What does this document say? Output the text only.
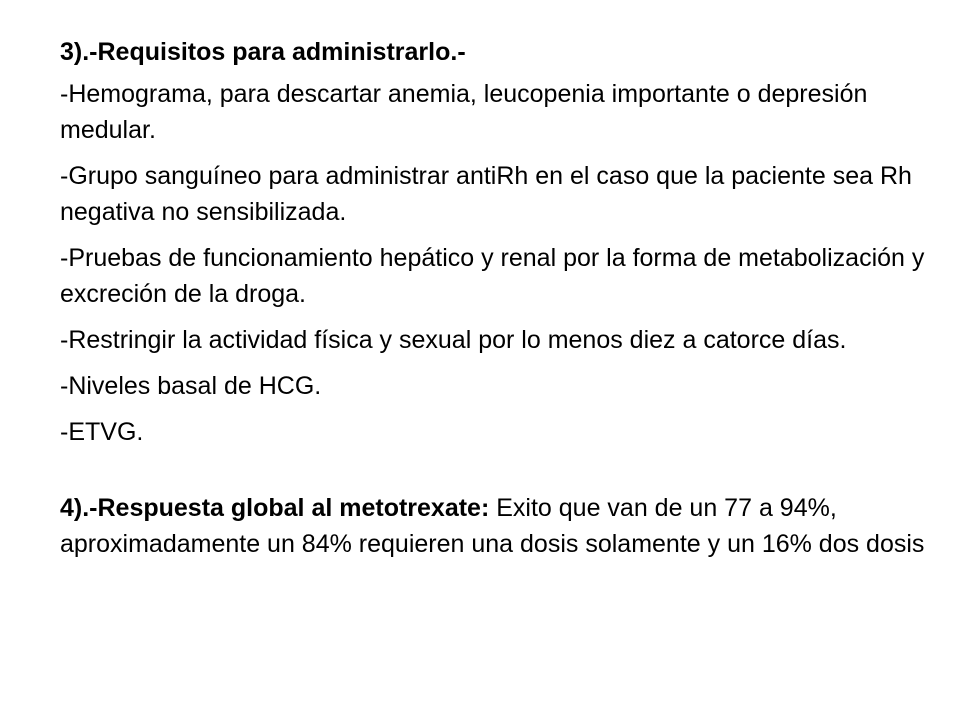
3).-Requisitos para administrarlo.-

-Hemograma, para descartar anemia, leucopenia importante o depresión medular.

-Grupo sanguíneo para administrar antiRh en el caso que la paciente sea Rh negativa no sensibilizada.

-Pruebas de funcionamiento hepático y renal por la forma de metabolización y excreción de la droga.

-Restringir la actividad física y sexual por lo menos diez a catorce días.

-Niveles basal de HCG.

-ETVG.

4).-Respuesta global al metotrexate: Exito que van de un 77 a 94%, aproximadamente un 84% requieren una dosis solamente y un 16% dos dosis
